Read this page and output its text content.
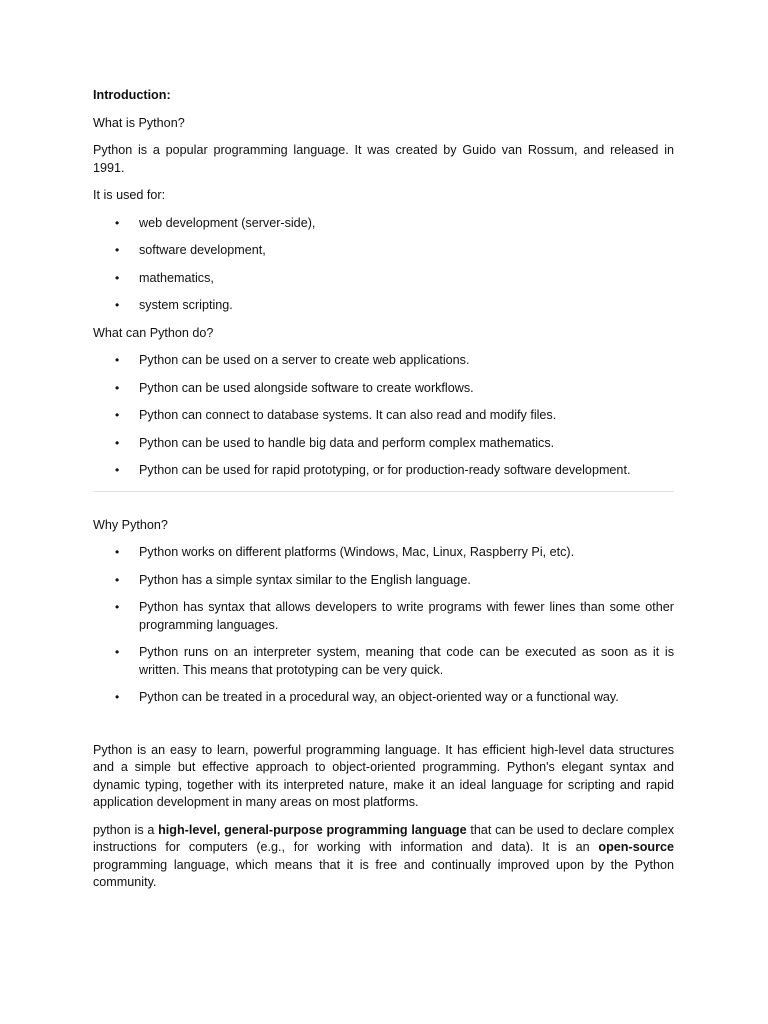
Introduction:

What is Python?

Python is a popular programming language. It was created by Guido van Rossum, and released in 1991.

It is used for:

• web development (server-side),
• software development,
• mathematics,
• system scripting.

What can Python do?

• Python can be used on a server to create web applications.
• Python can be used alongside software to create workflows.
• Python can connect to database systems. It can also read and modify files.
• Python can be used to handle big data and perform complex mathematics.
• Python can be used for rapid prototyping, or for production-ready software development.

Why Python?

• Python works on different platforms (Windows, Mac, Linux, Raspberry Pi, etc).
• Python has a simple syntax similar to the English language.
• Python has syntax that allows developers to write programs with fewer lines than some other programming languages.
• Python runs on an interpreter system, meaning that code can be executed as soon as it is written. This means that prototyping can be very quick.
• Python can be treated in a procedural way, an object-oriented way or a functional way.

Python is an easy to learn, powerful programming language. It has efficient high-level data structures and a simple but effective approach to object-oriented programming. Python's elegant syntax and dynamic typing, together with its interpreted nature, make it an ideal language for scripting and rapid application development in many areas on most platforms.

python is a high-level, general-purpose programming language that can be used to declare complex instructions for computers (e.g., for working with information and data). It is an open-source programming language, which means that it is free and continually improved upon by the Python community.
